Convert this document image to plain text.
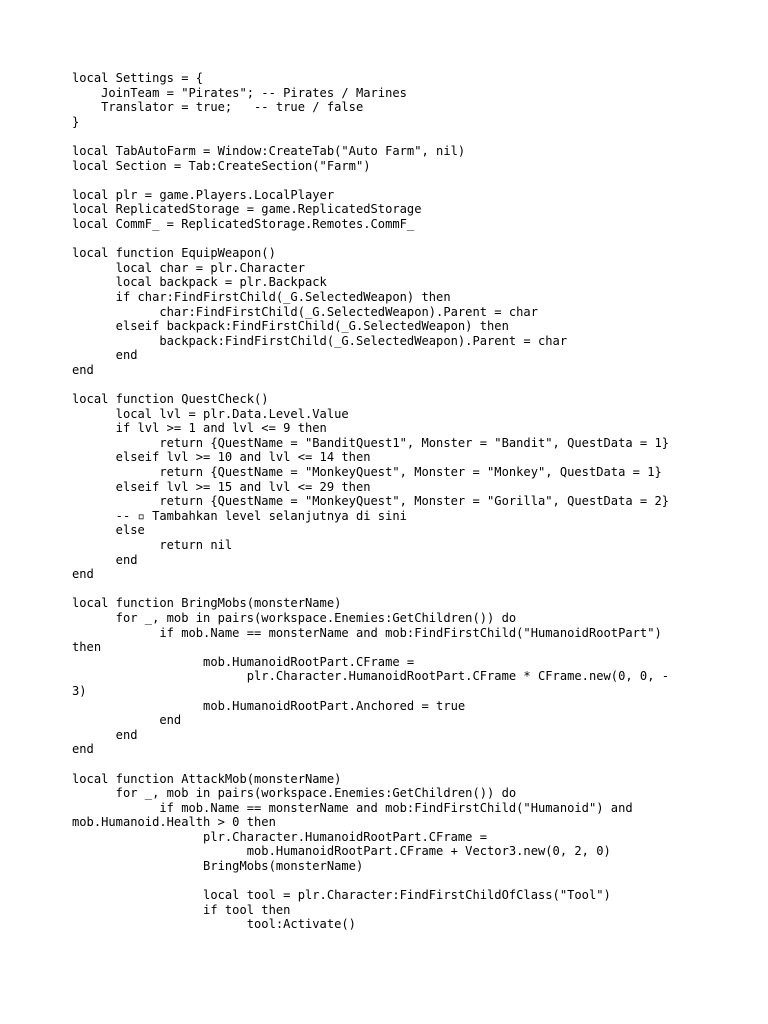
local Settings = {
JoinTeam = "Pirates"; -- Pirates / Marines
Translator = true;   -- true / false
}
local TabAutoFarm = Window:CreateTab("Auto Farm", nil)
local Section = Tab:CreateSection("Farm")
local plr = game.Players.LocalPlayer
local ReplicatedStorage = game.ReplicatedStorage
local CommF_ = ReplicatedStorage.Remotes.CommF_
local function EquipWeapon()
local char = plr.Character
local backpack = plr.Backpack
if char:FindFirstChild(_G.SelectedWeapon) then
char:FindFirstChild(_G.SelectedWeapon).Parent = char
elseif backpack:FindFirstChild(_G.SelectedWeapon) then
backpack:FindFirstChild(_G.SelectedWeapon).Parent = char
end
end
local function QuestCheck()
local lvl = plr.Data.Level.Value
if lvl >= 1 and lvl <= 9 then
return {QuestName = "BanditQuest1", Monster = "Bandit", QuestData = 1}
elseif lvl >= 10 and lvl <= 14 then
return {QuestName = "MonkeyQuest", Monster = "Monkey", QuestData = 1}
elseif lvl >= 15 and lvl <= 29 then
return {QuestName = "MonkeyQuest", Monster = "Gorilla", QuestData = 2}
-- ▫ Tambahkan level selanjutnya di sini
else
return nil
end
end
local function BringMobs(monsterName)
for _, mob in pairs(workspace.Enemies:GetChildren()) do
if mob.Name == monsterName and mob:FindFirstChild("HumanoidRootPart")
then
mob.HumanoidRootPart.CFrame =
plr.Character.HumanoidRootPart.CFrame * CFrame.new(0, 0, -
3)
mob.HumanoidRootPart.Anchored = true
end
end
end
local function AttackMob(monsterName)
for _, mob in pairs(workspace.Enemies:GetChildren()) do
if mob.Name == monsterName and mob:FindFirstChild("Humanoid") and
mob.Humanoid.Health > 0 then
plr.Character.HumanoidRootPart.CFrame =
mob.HumanoidRootPart.CFrame + Vector3.new(0, 2, 0)
BringMobs(monsterName)
local tool = plr.Character:FindFirstChildOfClass("Tool")
if tool then
tool:Activate()
